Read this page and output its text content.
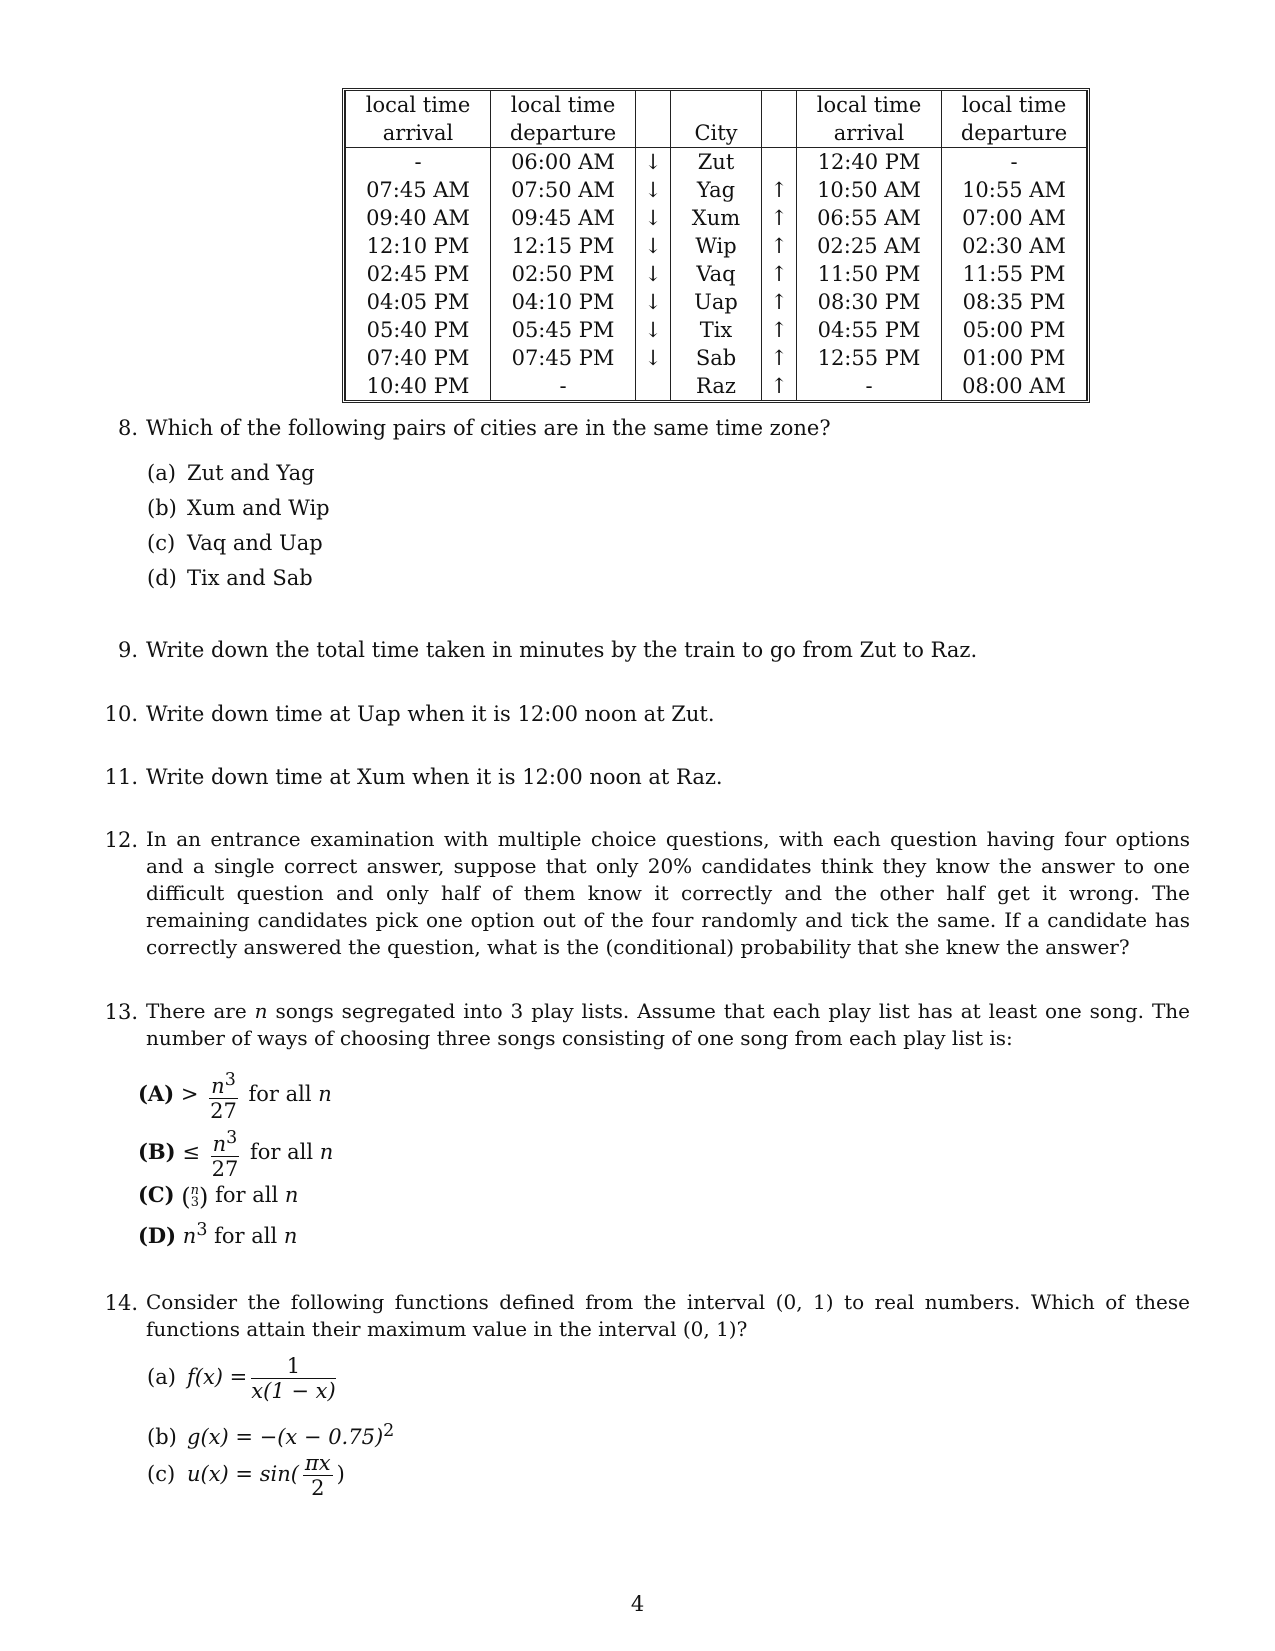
local time	local time				local time	local time
arrival	departure		City		arrival	departure
-	06:00 AM	↓	Zut		12:40 PM	-
07:45 AM	07:50 AM	↓	Yag	↑	10:50 AM	10:55 AM
09:40 AM	09:45 AM	↓	Xum	↑	06:55 AM	07:00 AM
12:10 PM	12:15 PM	↓	Wip	↑	02:25 AM	02:30 AM
02:45 PM	02:50 PM	↓	Vaq	↑	11:50 PM	11:55 PM
04:05 PM	04:10 PM	↓	Uap	↑	08:30 PM	08:35 PM
05:40 PM	05:45 PM	↓	Tix	↑	04:55 PM	05:00 PM
07:40 PM	07:45 PM	↓	Sab	↑	12:55 PM	01:00 PM
10:40 PM	-		Raz	↑	-	08:00 AM
8. Which of the following pairs of cities are in the same time zone?
(a) Zut and Yag
(b) Xum and Wip
(c) Vaq and Uap
(d) Tix and Sab
9. Write down the total time taken in minutes by the train to go from Zut to Raz.
10. Write down time at Uap when it is 12:00 noon at Zut.
11. Write down time at Xum when it is 12:00 noon at Raz.
12. In an entrance examination with multiple choice questions, with each question having four options and a single correct answer, suppose that only 20% candidates think they know the answer to one difficult question and only half of them know it correctly and the other half get it wrong. The remaining candidates pick one option out of the four randomly and tick the same. If a candidate has correctly answered the question, what is the (conditional) probability that she knew the answer?
13. There are n songs segregated into 3 play lists. Assume that each play list has at least one song. The number of ways of choosing three songs consisting of one song from each play list is:
$(A) > \frac{n^3}{27}$ for all n
$(B) \le \frac{n^3}{27}$ for all n
(C) ( n
3 ) for all n
(D) $n^3$ for all n
14. Consider the following functions defined from the interval (0, 1) to real numbers. Which of these functions attain their maximum value in the interval (0, 1)?
(a) $f(x) = \frac{1}{x(1 - x)}$
(b) $g(x) = -(x - 0.75)^2$
(c) $u(x) = \sin( \frac{\pi x}{2}$ )
4
